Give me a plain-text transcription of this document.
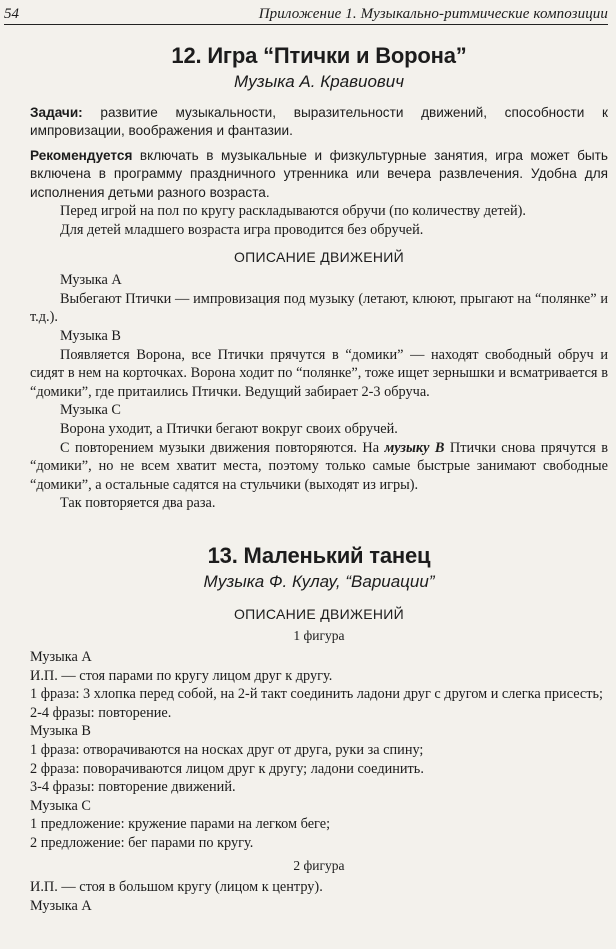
54	Приложение 1. Музыкально-ритмические композиции
12. Игра “Птички и Ворона”
Музыка А. Кравиович

Задачи: развитие музыкальности, выразительности движений, способности к импровизации, воображения и фантазии.

Рекомендуется включать в музыкальные и физкультурные занятия, игра может быть включена в программу праздничного утренника или вечера развлечения. Удобна для исполнения детьми разного возраста.

Перед игрой на пол по кругу раскладываются обручи (по количеству детей).

Для детей младшего возраста игра проводится без обручей.

ОПИСАНИЕ ДВИЖЕНИЙ

Музыка А

Выбегают Птички — импровизация под музыку (летают, клюют, прыгают на “полянке” и т.д.).

Музыка В

Появляется Ворона, все Птички прячутся в “домики” — находят свободный обруч и сидят в нем на корточках. Ворона ходит по “полянке”, тоже ищет зернышки и всматривается в “домики”, где притаились Птички. Ведущий забирает 2-3 обруча.

Музыка С

Ворона уходит, а Птички бегают вокруг своих обручей.

С повторением музыки движения повторяются. На музыку В Птички снова прячутся в “домики”, но не всем хватит места, поэтому только самые быстрые занимают свободные “домики”, а остальные садятся на стульчики (выходят из игры).

Так повторяется два раза.

13. Маленький танец
Музыка Ф. Кулау, “Вариации”
ОПИСАНИЕ ДВИЖЕНИЙ
1 фигура

Музыка А

И.П. — стоя парами по кругу лицом друг к другу.

1 фраза: 3 хлопка перед собой, на 2-й такт соединить ладони друг с другом и слегка присесть;

2-4 фразы: повторение.

Музыка В

1 фраза: отворачиваются на носках друг от друга, руки за спину;

2 фраза: поворачиваются лицом друг к другу; ладони соединить.

3-4 фразы: повторение движений.

Музыка С

1 предложение: кружение парами на легком беге;

2 предложение: бег парами по кругу.

2 фигура

И.П. — стоя в большом кругу (лицом к центру).

Музыка А
